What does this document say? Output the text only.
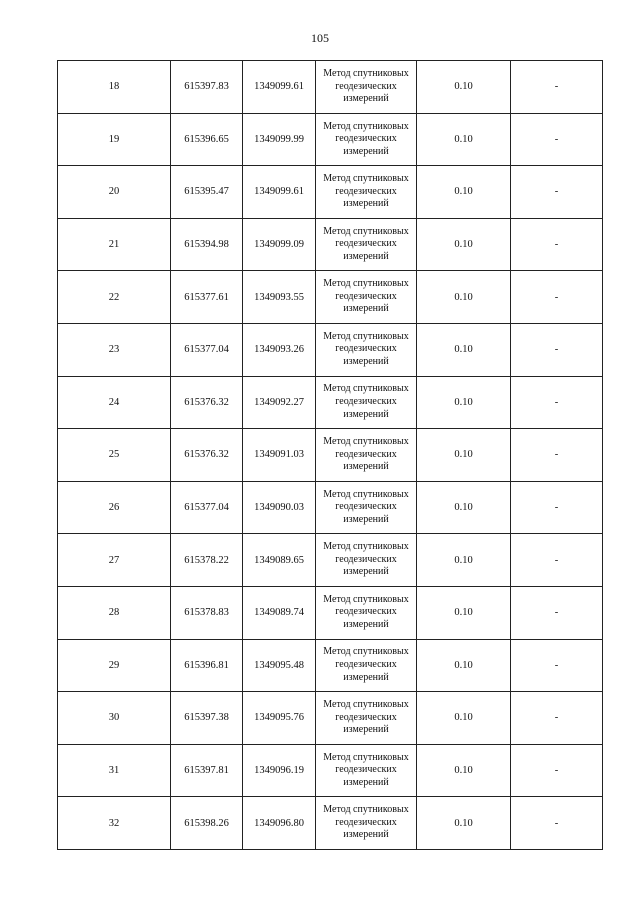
105
18	615397.83	1349099.61	Метод спутниковых геодезических измерений	0.10	-
19	615396.65	1349099.99	Метод спутниковых геодезических измерений	0.10	-
20	615395.47	1349099.61	Метод спутниковых геодезических измерений	0.10	-
21	615394.98	1349099.09	Метод спутниковых геодезических измерений	0.10	-
22	615377.61	1349093.55	Метод спутниковых геодезических измерений	0.10	-
23	615377.04	1349093.26	Метод спутниковых геодезических измерений	0.10	-
24	615376.32	1349092.27	Метод спутниковых геодезических измерений	0.10	-
25	615376.32	1349091.03	Метод спутниковых геодезических измерений	0.10	-
26	615377.04	1349090.03	Метод спутниковых геодезических измерений	0.10	-
27	615378.22	1349089.65	Метод спутниковых геодезических измерений	0.10	-
28	615378.83	1349089.74	Метод спутниковых геодезических измерений	0.10	-
29	615396.81	1349095.48	Метод спутниковых геодезических измерений	0.10	-
30	615397.38	1349095.76	Метод спутниковых геодезических измерений	0.10	-
31	615397.81	1349096.19	Метод спутниковых геодезических измерений	0.10	-
32	615398.26	1349096.80	Метод спутниковых геодезических измерений	0.10	-
